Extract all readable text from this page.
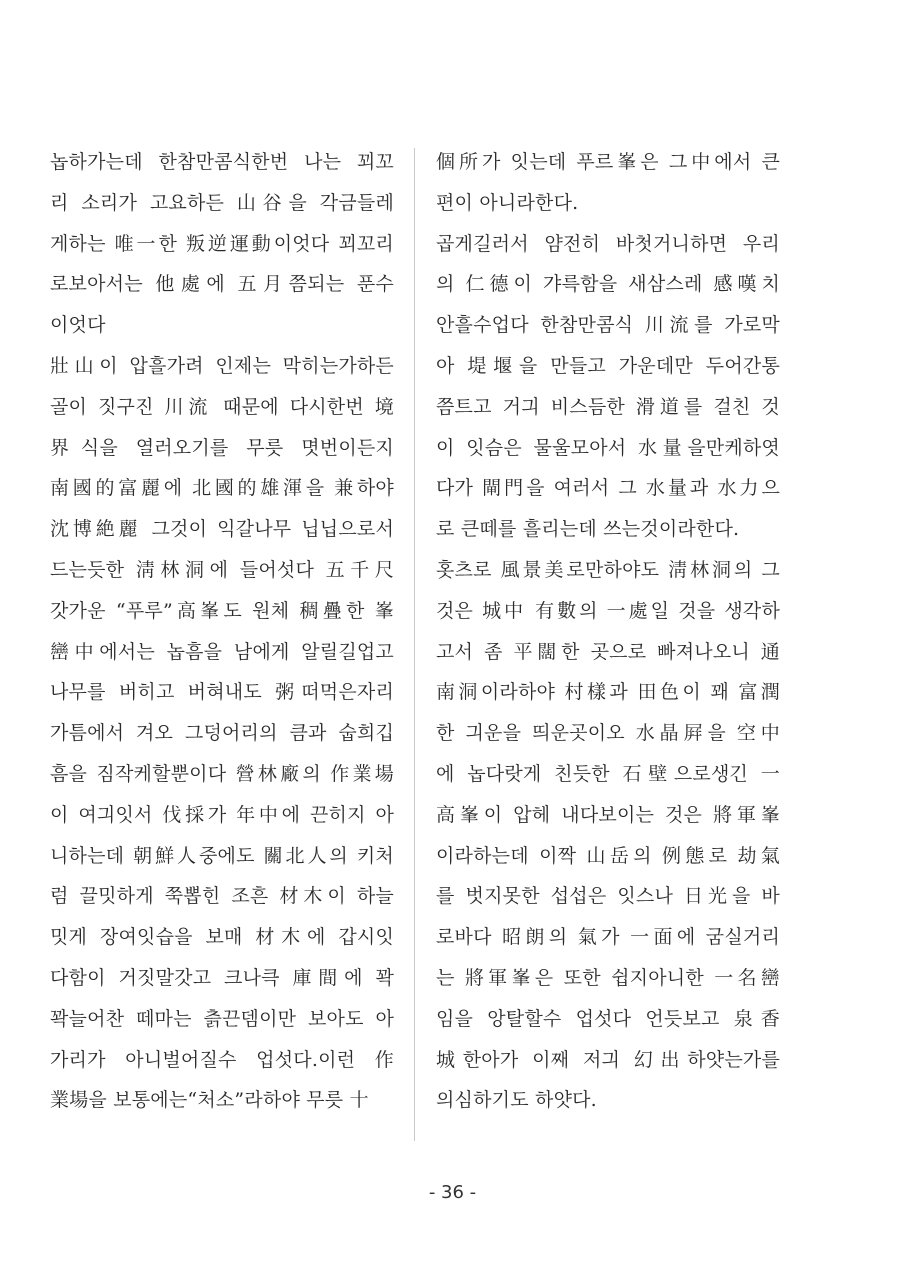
놉하가는데 한참만콤식한번 나는 꾀꼬
리 소리가 고요하든 山谷을 각금들레
게하는 唯一한 叛逆運動이엇다 꾀꼬리
로보아서는 他處에 五月쯤되는 푼수
이엇다
壯山이 압흘가려 인제는 막히는가하든
골이 짓구진 川流 때문에 다시한번 境
界식을 열러오기를 무릇 몃번이든지
南國的富麗에 北國的雄渾을 兼하야
沈博絶麗 그것이 익갈나무 닙닙으로서
드는듯한 淸林洞에 들어섯다 五千尺
갓가운 “푸루”高峯도 원체 稠疊한 峯
巒中에서는 놉흠을 남에게 알릴길업고
나무를 버히고 버혀내도 粥떠먹은자리
가틈에서 겨오 그덩어리의 큼과 숩희깁
흠을 짐작케할뿐이다 營林廠의 作業場
이 여긔잇서 伐採가 年中에 끈히지 아
니하는데 朝鮮人중에도 關北人의 키처
럼 끌밋하게 쭉뽑힌 조흔 材木이 하늘
밋게 장여잇습을 보매 材木에 갑시잇
다함이 거짓말갓고 크나큭 庫間에 꽉
꽉늘어찬 떼마는 츩끈뎀이만 보아도 아
가리가 아니벌어질수 업섯다.이런 作
業場을 보통에는“처소”라하야 무릇 十
個所가 잇는데 푸르峯은 그中에서 큰
편이 아니라한다.
곱게길러서 얌전히 바첫거니하면 우리
의 仁德이 갸륵함을 새삼스레 感嘆치
안흘수업다 한참만콤식 川流를 가로막
아 堤堰을 만들고 가운데만 두어간통
쯤트고 거긔 비스듬한 滑道를 걸친 것
이 잇슴은 물울모아서 水量을만케하엿
다가 閘門을 여러서 그 水量과 水力으
로 큰떼를 흘리는데 쓰는것이라한다.
홋츠로 風景美로만하야도 淸林洞의 그
것은 城中 有數의 一處일 것을 생각하
고서 좀 平闊한 곳으로 빠져나오니 通
南洞이라하야 村樣과 田色이 꽤 富潤
한 긔운을 띄운곳이오 水晶屛을 空中
에 놉다랏게 친듯한 石壁으로생긴 一
高峯이 압헤 내다보이는 것은 將軍峯
이라하는데 이짝 山岳의 例態로 劫氣
를 벗지못한 섭섭은 잇스나 日光을 바
로바다 昭朗의 氣가 一面에 굼실거리
는 將軍峯은 또한 쉽지아니한 一名巒
임을 앙탈할수 업섯다 언듯보고 泉香
城한아가 이째 저긔 幻出하얏는가를
의심하기도 하얏다.
- 36 -
